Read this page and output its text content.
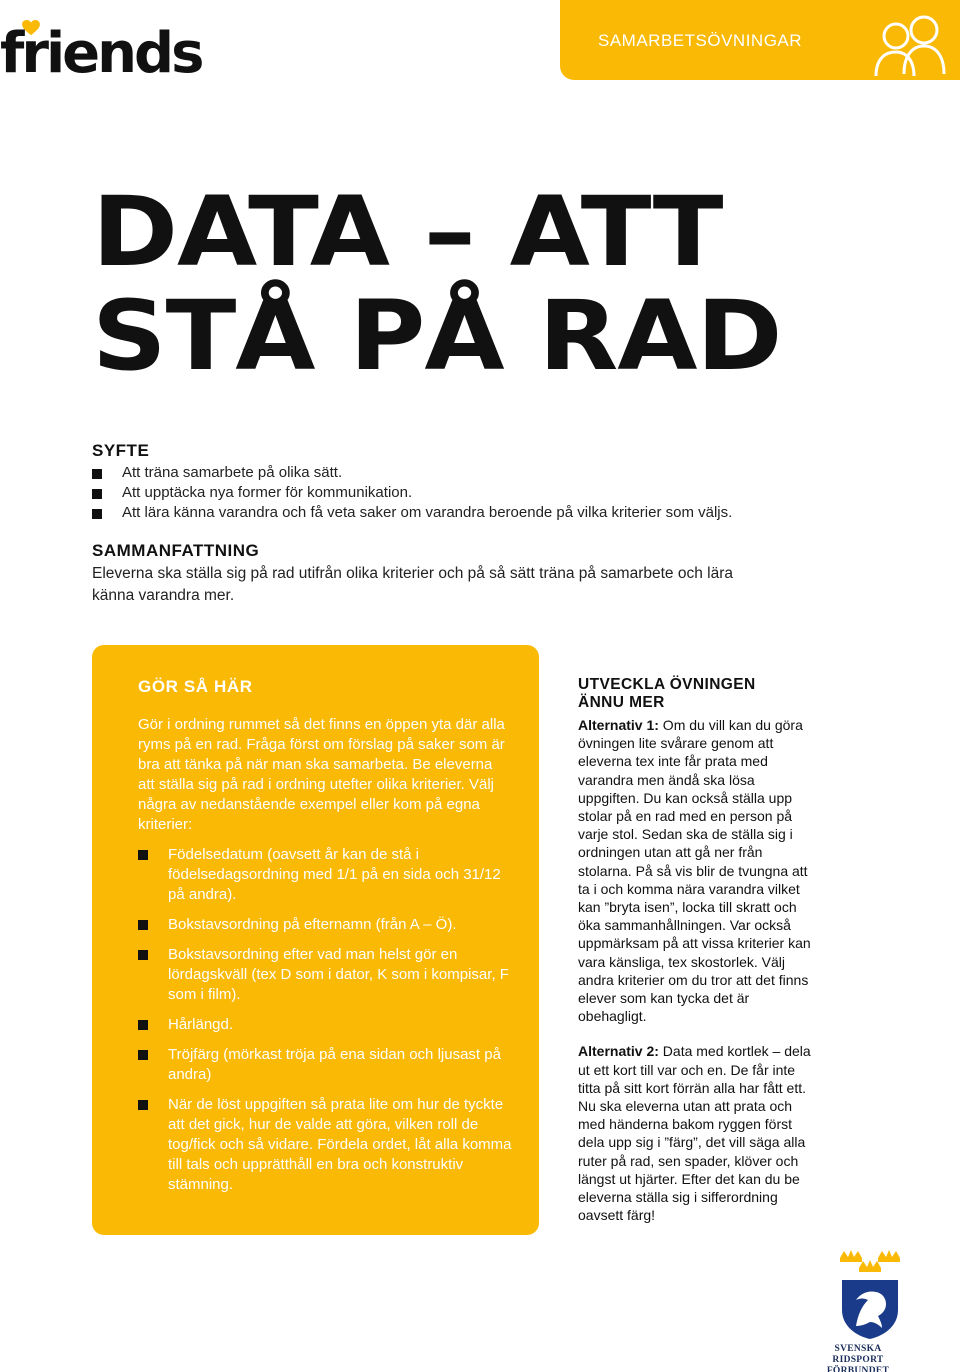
friends	SAMARBETSÖVNINGAR
DATA – ATT
STÅ PÅ RAD
SYFTE
Att träna samarbete på olika sätt.
Att upptäcka nya former för kommunikation.
Att lära känna varandra och få veta saker om varandra beroende på vilka kriterier som väljs.
SAMMANFATTNING

Eleverna ska ställa sig på rad utifrån olika kriterier och på så sätt träna på samarbete och lära känna varandra mer.

GÖR SÅ HÄR

Gör i ordning rummet så det finns en öppen yta där alla ryms på en rad. Fråga först om förslag på saker som är bra att tänka på när man ska samarbeta. Be eleverna att ställa sig på rad i ordning utefter olika kriterier. Välj några av nedanstående exempel eller kom på egna kriterier:

Födelsedatum (oavsett år kan de stå i födelsedagsordning med 1/1 på en sida och 31/12 på andra).
Bokstavsordning på efternamn (från A – Ö).
Bokstavsordning efter vad man helst gör en lördagskväll (tex D som i dator, K som i kompisar, F som i film).
Hårlängd.
Tröjfärg (mörkast tröja på ena sidan och ljusast på andra)
När de löst uppgiften så prata lite om hur de tyckte att det gick, hur de valde att göra, vilken roll de tog/fick och så vidare. Fördela ordet, låt alla komma till tals och upprätthåll en bra och konstruktiv stämning.
UTVECKLA ÖVNINGEN
ÄNNU MER

Alternativ 1: Om du vill kan du göra övningen lite svårare genom att eleverna tex inte får prata med varandra men ändå ska lösa uppgiften. Du kan också ställa upp stolar på en rad med en person på varje stol. Sedan ska de ställa sig i ordningen utan att gå ner från stolarna. På så vis blir de tvungna att ta i och komma nära varandra vilket kan ”bryta isen”, locka till skratt och öka sammanhållningen. Var också uppmärksam på att vissa kriterier kan vara känsliga, tex skostorlek. Välj andra kriterier om du tror att det finns elever som kan tycka det är obehagligt.

Alternativ 2: Data med kortlek – dela ut ett kort till var och en. De får inte titta på sitt kort förrän alla har fått ett. Nu ska eleverna utan att prata och med händerna bakom ryggen först dela upp sig i ”färg”, det vill säga alla ruter på rad, sen spader, klöver och längst ut hjärter. Efter det kan du be eleverna ställa sig i sifferordning oavsett färg!

SVENSKA RIDSPORT
FÖRBUNDET
